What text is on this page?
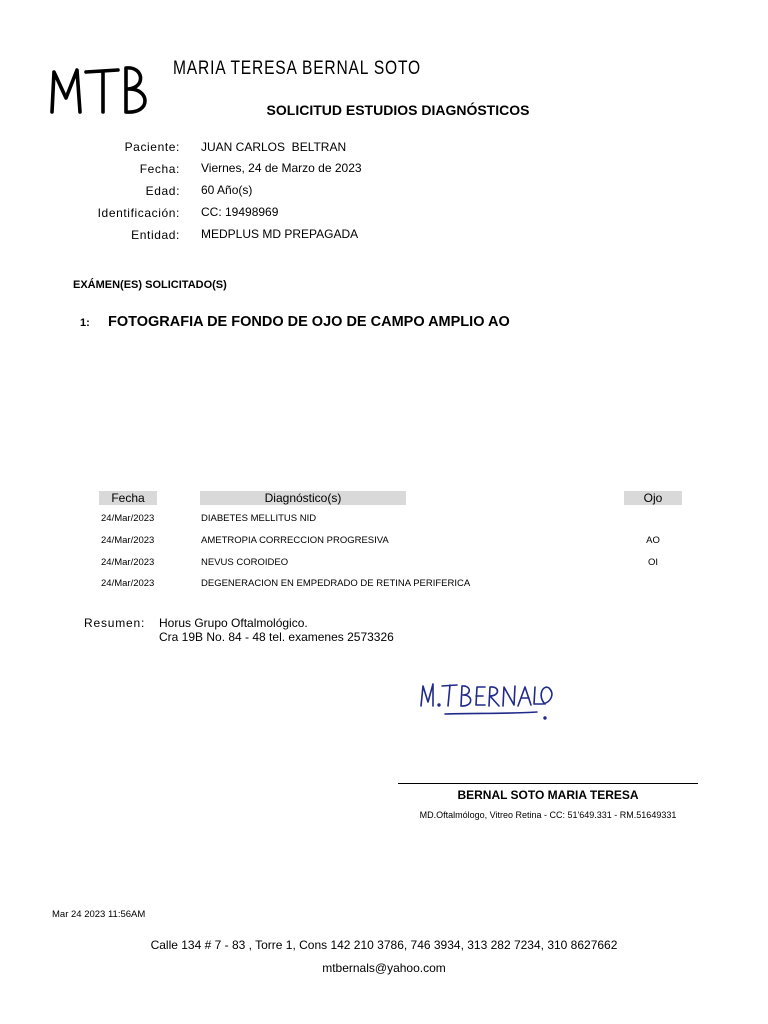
MARIA TERESA BERNAL SOTO
SOLICITUD ESTUDIOS DIAGNÓSTICOS
Paciente: JUAN CARLOS  BELTRAN
Fecha: Viernes, 24 de Marzo de 2023
Edad: 60 Año(s)
Identificación: CC: 19498969
Entidad: MEDPLUS MD PREPAGADA
EXÁMEN(ES) SOLICITADO(S)
1: FOTOGRAFIA DE FONDO DE OJO DE CAMPO AMPLIO AO
Fecha	Diagnóstico(s)	Ojo
24/Mar/2023	DIABETES MELLITUS NID
24/Mar/2023	AMETROPIA CORRECCION PROGRESIVA	AO
24/Mar/2023	NEVUS COROIDEO	OI
24/Mar/2023	DEGENERACION EN EMPEDRADO DE RETINA PERIFERICA
Resumen: Horus Grupo Oftalmológico.
Cra 19B No. 84 - 48 tel. examenes 2573326
BERNAL SOTO MARIA TERESA
MD.Oftalmólogo, Vitreo Retina - CC: 51'649.331 - RM.51649331
Mar 24 2023 11:56AM
Calle 134 # 7 - 83 , Torre 1, Cons 142 210 3786, 746 3934, 313 282 7234, 310 8627662
mtbernals@yahoo.com
